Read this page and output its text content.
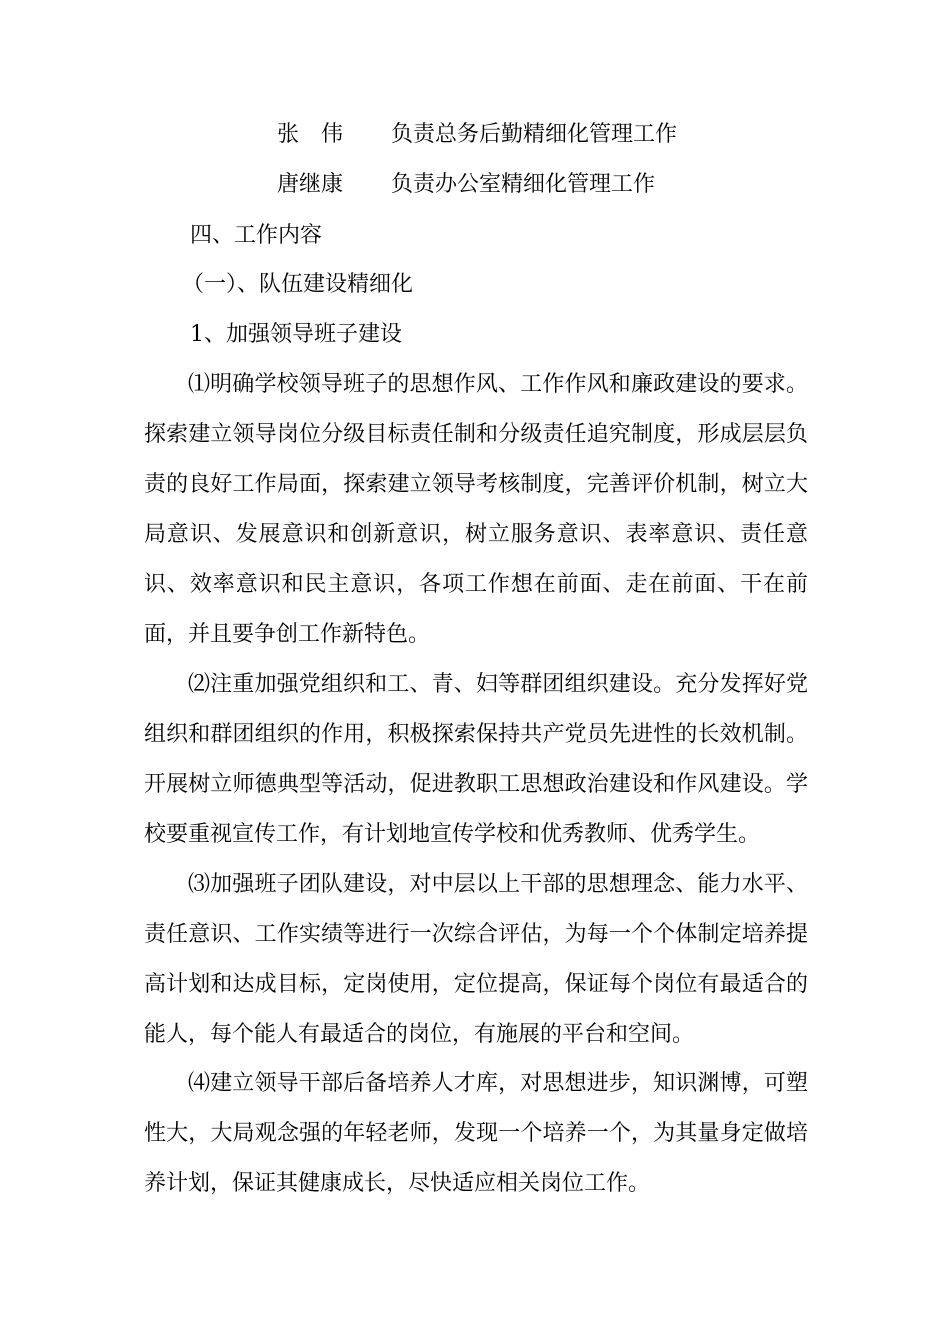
张　伟 负责总务后勤精细化管理工作
唐继康 负责办公室精细化管理工作
四、工作内容
（一）、队伍建设精细化
1、加强领导班子建设
⑴明确学校领导班子的思想作风、工作作风和廉政建设的要求。探索建立领导岗位分级目标责任制和分级责任追究制度，形成层层负责的良好工作局面，探索建立领导考核制度，完善评价机制，树立大局意识、发展意识和创新意识，树立服务意识、表率意识、责任意识、效率意识和民主意识，各项工作想在前面、走在前面、干在前面，并且要争创工作新特色。
⑵注重加强党组织和工、青、妇等群团组织建设。充分发挥好党组织和群团组织的作用，积极探索保持共产党员先进性的长效机制。开展树立师德典型等活动，促进教职工思想政治建设和作风建设。学校要重视宣传工作，有计划地宣传学校和优秀教师、优秀学生。
⑶加强班子团队建设，对中层以上干部的思想理念、能力水平、责任意识、工作实绩等进行一次综合评估，为每一个个体制定培养提高计划和达成目标，定岗使用，定位提高，保证每个岗位有最适合的能人，每个能人有最适合的岗位，有施展的平台和空间。
⑷建立领导干部后备培养人才库，对思想进步，知识渊博，可塑性大，大局观念强的年轻老师，发现一个培养一个，为其量身定做培养计划，保证其健康成长，尽快适应相关岗位工作。
